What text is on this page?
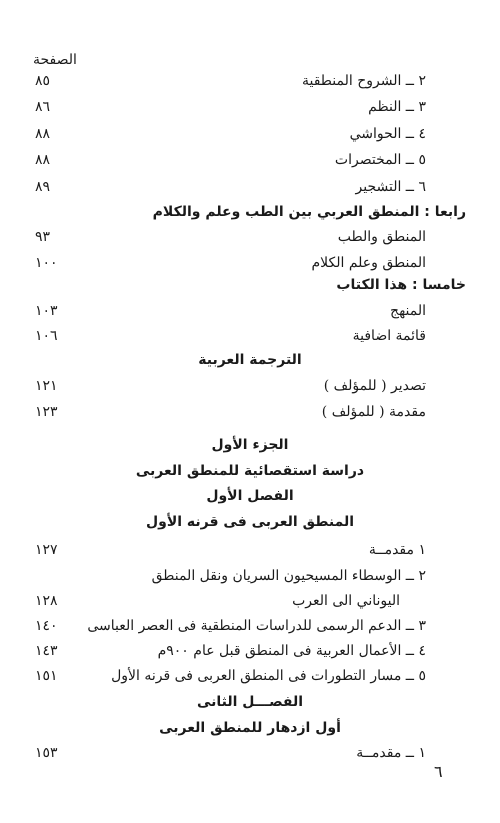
الصفحة
٢ ــ الشروح المنطقية
٨٥
٣ ــ النظم
٨٦
٤ ــ الحواشي
٨٨
٥ ــ المختصرات
٨٨
٦ ــ التشجير
٨٩
رابعا : المنطق العربي بين الطب وعلم والكلام
المنطق والطب
٩٣
المنطق وعلم الكلام
١٠٠
خامسا : هذا الكتاب
المنهج
١٠٣
قائمة اضافية
١٠٦
الترجمة العربية
تصدير ( للمؤلف )
١٢١
مقدمة ( للمؤلف )
١٢٣
الجزء الأول
دراسة استقصائية للمنطق العربى
الفصل الأول
المنطق العربى فى قرنه الأول
١ مقدمــة
١٢٧
٢ ــ الوسطاء المسيحيون السريان ونقل المنطق
اليوناني الى العرب
١٢٨
٣ ــ الدعم الرسمى للدراسات المنطقية فى العصر العباسى
١٤٠
٤ ــ الأعمال العربية فى المنطق قبل عام ٩٠٠م
١٤٣
٥ ــ مسار التطورات فى المنطق العربى فى قرنه الأول
١٥١
الفصـــل الثانى
أول ازدهار للمنطق العربى
١ ــ مقدمــة
١٥٣
٦
